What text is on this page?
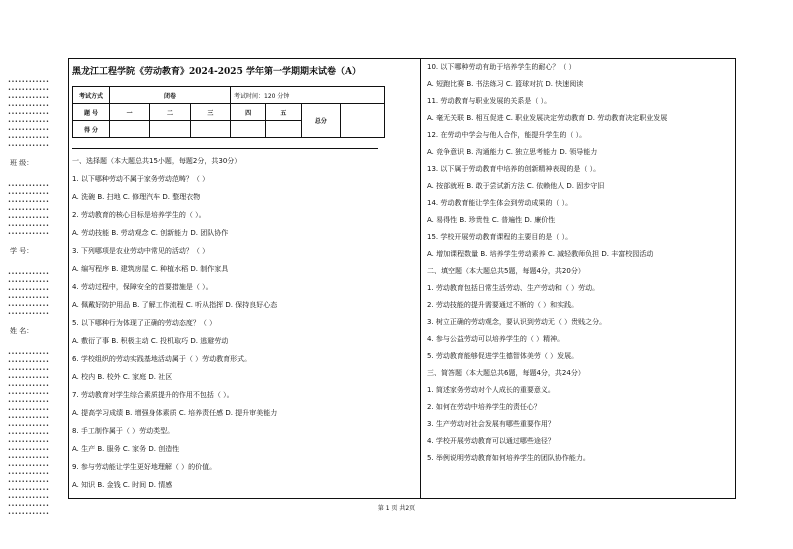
••••••••••••
••••••••••••
••••••••••••
••••••••••••
••••••••••••
••••••••••••
••••••••••••
••••••••••••
••••••••••••
班 级：
••••••••••••
••••••••••••
••••••••••••
••••••••••••
••••••••••••
••••••••••••
••••••••••••
学 号：
••••••••••••
••••••••••••
••••••••••••
••••••••••••
••••••••••••
••••••••••••
姓 名：
••••••••••••
••••••••••••
••••••••••••
••••••••••••
••••••••••••
••••••••••••
••••••••••••
••••••••••••
••••••••••••
••••••••••••
••••••••••••
••••••••••••
••••••••••••
••••••••••••
••••••••••••
••••••••••••
••••••••••••
••••••••••••
••••••••••••
••••••••••••
••••••••••••
黑龙江工程学院《劳动教育》2024-2025 学年第一学期期末试卷（A）
考试方式	闭卷			考试时间：120 分钟			
题 号	一	二	三	四	五	总分	
得 分							
一、选择题（本大题总共15小题，每题2分，共30分）
1. 以下哪种劳动不属于家务劳动范畴？（ ）
A. 洗碗 B. 扫地 C. 修理汽车 D. 整理衣物
2. 劳动教育的核心目标是培养学生的（ ）。
A. 劳动技能 B. 劳动观念 C. 创新能力 D. 团队协作
3. 下列哪项是农业劳动中常见的活动？（ ）
A. 编写程序 B. 建筑房屋 C. 种植水稻 D. 制作家具
4. 劳动过程中，保障安全的首要措施是（ ）。
A. 佩戴好防护用品 B. 了解工作流程 C. 听从指挥 D. 保持良好心态
5. 以下哪种行为体现了正确的劳动态度？（ ）
A. 敷衍了事 B. 积极主动 C. 投机取巧 D. 逃避劳动
6. 学校组织的劳动实践基地活动属于（ ）劳动教育形式。
A. 校内 B. 校外 C. 家庭 D. 社区
7. 劳动教育对学生综合素质提升的作用不包括（ ）。
A. 提高学习成绩 B. 增强身体素质 C. 培养责任感 D. 提升审美能力
8. 手工制作属于（ ）劳动类型。
A. 生产 B. 服务 C. 家务 D. 创造性
9. 参与劳动能让学生更好地理解（ ）的价值。
A. 知识 B. 金钱 C. 时间 D. 情感
10. 以下哪种劳动有助于培养学生的耐心？（ ）
A. 短跑比赛 B. 书法练习 C. 篮球对抗 D. 快速阅读
11. 劳动教育与职业发展的关系是（ ）。
A. 毫无关联 B. 相互促进 C. 职业发展决定劳动教育 D. 劳动教育决定职业发展
12. 在劳动中学会与他人合作，能提升学生的（ ）。
A. 竞争意识 B. 沟通能力 C. 独立思考能力 D. 领导能力
13. 以下属于劳动教育中培养的创新精神表现的是（ ）。
A. 按部就班 B. 敢于尝试新方法 C. 依赖他人 D. 固步守旧
14. 劳动教育能让学生体会到劳动成果的（ ）。
A. 易得性 B. 珍贵性 C. 普遍性 D. 廉价性
15. 学校开展劳动教育课程的主要目的是（ ）。
A. 增加课程数量 B. 培养学生劳动素养 C. 减轻教师负担 D. 丰富校园活动
二、填空题（本大题总共5题，每题4分，共20分）
1. 劳动教育包括日常生活劳动、生产劳动和（ ）劳动。
2. 劳动技能的提升需要通过不断的（ ）和实践。
3. 树立正确的劳动观念，要认识到劳动无（ ）贵贱之分。
4. 参与公益劳动可以培养学生的（ ）精神。
5. 劳动教育能够促进学生德智体美劳（ ）发展。
三、简答题（本大题总共6题，每题4分，共24分）
1. 简述家务劳动对个人成长的重要意义。
2. 如何在劳动中培养学生的责任心？
3. 生产劳动对社会发展有哪些重要作用？
4. 学校开展劳动教育可以通过哪些途径？
5. 举例说明劳动教育如何培养学生的团队协作能力。
第 1 页 共2页
